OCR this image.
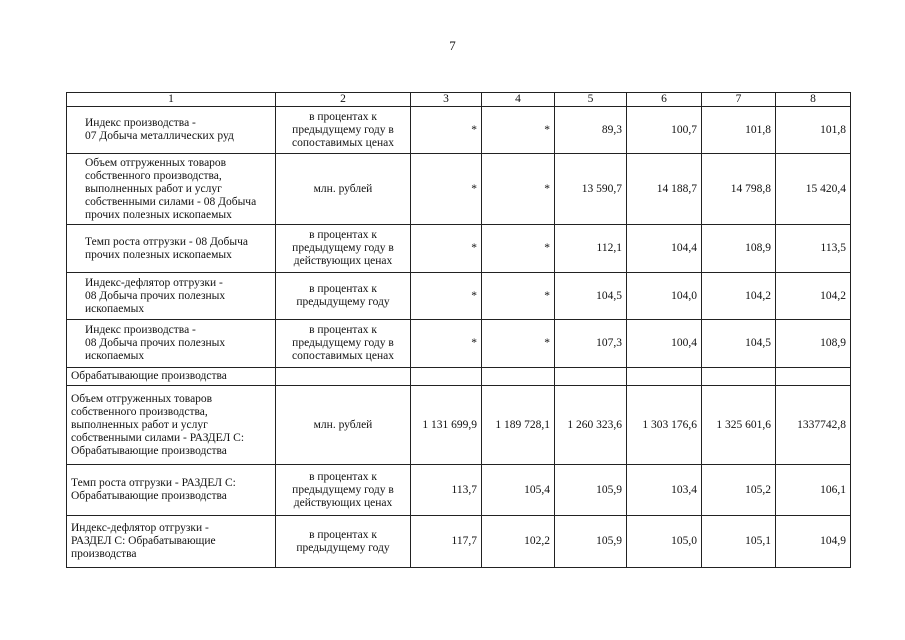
7
1	2	3	4	5	6	7	8
Индекс производства -
07 Добыча металлических руд	в процентах к
предыдущему году в
сопоставимых ценах	*	*	89,3	100,7	101,8	101,8
Объем отгруженных товаров
собственного производства,
выполненных работ и услуг
собственными силами - 08 Добыча
прочих полезных ископаемых	млн. рублей	*	*	13 590,7	14 188,7	14 798,8	15 420,4
Темп роста отгрузки - 08 Добыча
прочих полезных ископаемых	в процентах к
предыдущему году в
действующих ценах	*	*	112,1	104,4	108,9	113,5
Индекс-дефлятор отгрузки -
08 Добыча прочих полезных
ископаемых	в процентах к
предыдущему году	*	*	104,5	104,0	104,2	104,2
Индекс производства -
08 Добыча прочих полезных
ископаемых	в процентах к
предыдущему году в
сопоставимых ценах	*	*	107,3	100,4	104,5	108,9
Обрабатывающие производства							
Объем отгруженных товаров
собственного производства,
выполненных работ и услуг
собственными силами - РАЗДЕЛ C:
Обрабатывающие производства	млн. рублей	1 131 699,9	1 189 728,1	1 260 323,6	1 303 176,6	1 325 601,6	1337742,8
Темп роста отгрузки - РАЗДЕЛ C:
Обрабатывающие производства	в процентах к
предыдущему году в
действующих ценах	113,7	105,4	105,9	103,4	105,2	106,1
Индекс-дефлятор отгрузки -
РАЗДЕЛ C: Обрабатывающие
производства	в процентах к
предыдущему году	117,7	102,2	105,9	105,0	105,1	104,9
